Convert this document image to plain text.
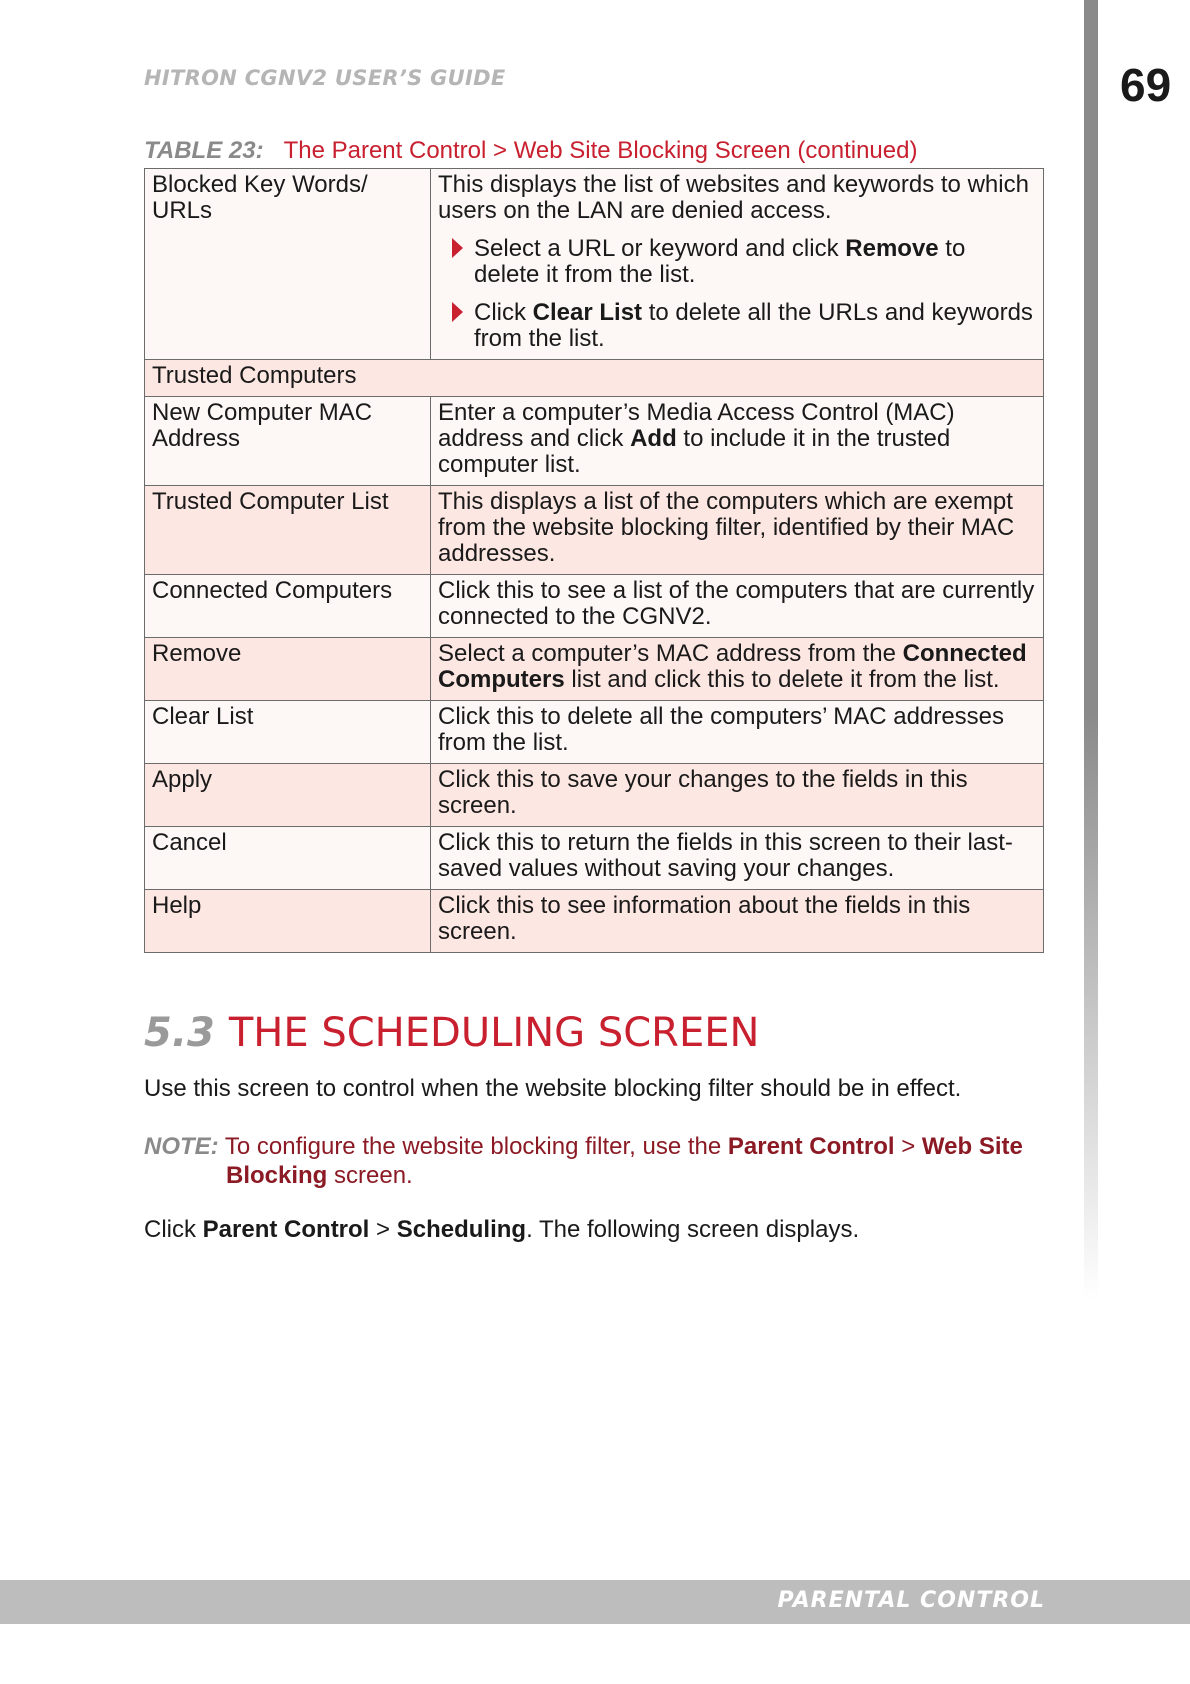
HITRON CGNV2 USER’S GUIDE	69
TABLE 23: The Parent Control > Web Site Blocking Screen (continued)
Blocked Key Words/ URLs	This displays the list of websites and keywords to which users on the LAN are denied access.

Select a URL or keyword and click Remove to delete it from the list.
Click Clear List to delete all the URLs and keywords from the list.

Trusted Computers	
New Computer MAC Address	Enter a computer’s Media Access Control (MAC) address and click Add to include it in the trusted computer list.
Trusted Computer List	This displays a list of the computers which are exempt from the website blocking filter, identified by their MAC addresses.
Connected Computers	Click this to see a list of the computers that are currently connected to the CGNV2.
Remove	Select a computer’s MAC address from the Connected Computers list and click this to delete it from the list.
Clear List	Click this to delete all the computers’ MAC addresses from the list.
Apply	Click this to save your changes to the fields in this screen.
Cancel	Click this to return the fields in this screen to their last-saved values without saving your changes.
Help	Click this to see information about the fields in this screen.
5.3 THE SCHEDULING SCREEN
Use this screen to control when the website blocking filter should be in effect.
NOTE: To configure the website blocking filter, use the Parent Control > Web Site
Blocking screen.
Click Parent Control > Scheduling. The following screen displays.
PARENTAL CONTROL
